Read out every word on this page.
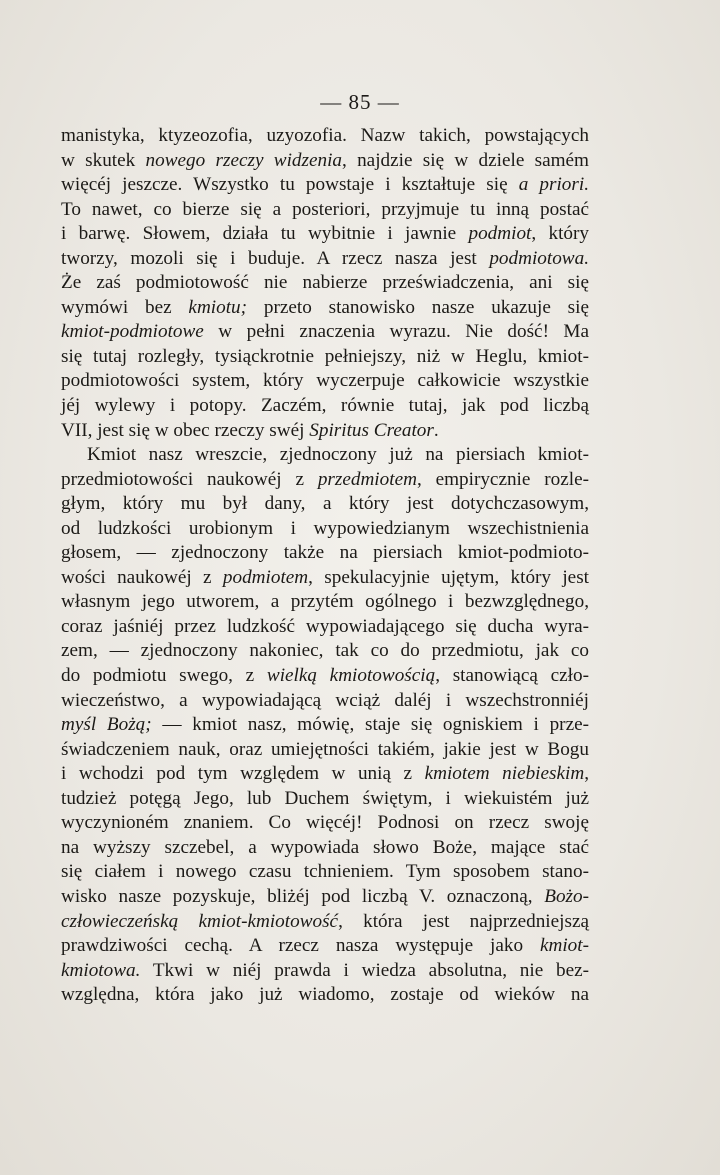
— 85 —
manistyka, ktyzeozofia, uzyozofia. Nazw takich, powstających
w skutek nowego rzeczy widzenia, najdzie się w dziele samém
więcéj jeszcze. Wszystko tu powstaje i kształtuje się a priori.
To nawet, co bierze się a posteriori, przyjmuje tu inną postać
i barwę. Słowem, działa tu wybitnie i jawnie podmiot, który
tworzy, mozoli się i buduje. A rzecz nasza jest podmiotowa.
Że zaś podmiotowość nie nabierze przeświadczenia, ani się
wymówi bez kmiotu; przeto stanowisko nasze ukazuje się
kmiot-podmiotowe w pełni znaczenia wyrazu. Nie dość! Ma
się tutaj rozległy, tysiąckrotnie pełniejszy, niż w Heglu, kmiot-
podmiotowości system, który wyczerpuje całkowicie wszystkie
jéj wylewy i potopy. Zaczém, równie tutaj, jak pod liczbą
VII, jest się w obec rzeczy swéj Spiritus Creator.
Kmiot nasz wreszcie, zjednoczony już na piersiach kmiot-
przedmiotowości naukowéj z przedmiotem, empirycznie rozle-
głym, który mu był dany, a który jest dotychczasowym,
od ludzkości urobionym i wypowiedzianym wszechistnienia
głosem, — zjednoczony także na piersiach kmiot-podmioto-
wości naukowéj z podmiotem, spekulacyjnie ujętym, który jest
własnym jego utworem, a przytém ogólnego i bezwzględnego,
coraz jaśniéj przez ludzkość wypowiadającego się ducha wyra-
zem, — zjednoczony nakoniec, tak co do przedmiotu, jak co
do podmiotu swego, z wielką kmiotowością, stanowiącą czło-
wieczeństwo, a wypowiadającą wciąż daléj i wszechstronniéj
myśl Bożą; — kmiot nasz, mówię, staje się ogniskiem i prze-
świadczeniem nauk, oraz umiejętności takiém, jakie jest w Bogu
i wchodzi pod tym względem w unią z kmiotem niebieskim,
tudzież potęgą Jego, lub Duchem świętym, i wiekuistém już
wyczynioném znaniem. Co więcéj! Podnosi on rzecz swoję
na wyższy szczebel, a wypowiada słowo Boże, mające stać
się ciałem i nowego czasu tchnieniem. Tym sposobem stano-
wisko nasze pozyskuje, bliżéj pod liczbą V. oznaczoną, Bożo-
człowieczeńską kmiot-kmiotowość, która jest najprzedniejszą
prawdziwości cechą. A rzecz nasza występuje jako kmiot-
kmiotowa. Tkwi w niéj prawda i wiedza absolutna, nie bez-
względna, która jako już wiadomo, zostaje od wieków na
